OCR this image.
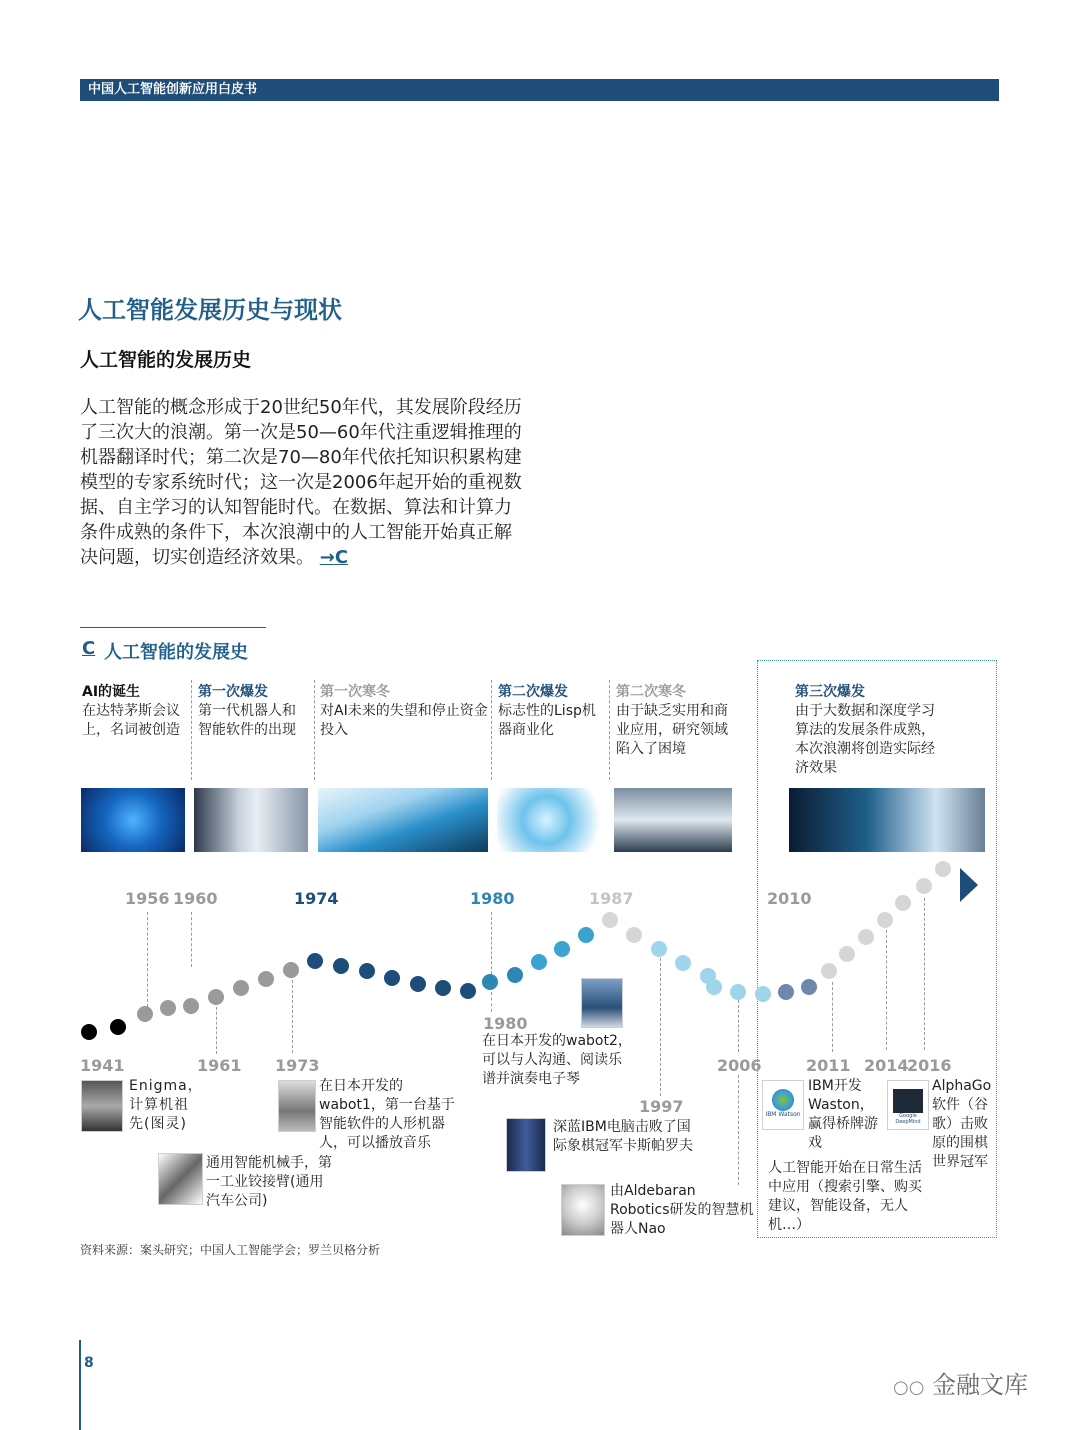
中国人工智能创新应用白皮书
人工智能发展历史与现状
人工智能的发展历史
人工智能的概念形成于20世纪50年代，其发展阶段经历了三次大的浪潮。第一次是50—60年代注重逻辑推理的机器翻译时代；第二次是70—80年代依托知识积累构建模型的专家系统时代；这一次是2006年起开始的重视数据、自主学习的认知智能时代。在数据、算法和计算力条件成熟的条件下，本次浪潮中的人工智能开始真正解决问题，切实创造经济效果。 →C
C 人工智能的发展史
AI的诞生
在达特茅斯会议上，名词被创造
第一次爆发
第一代机器人和智能软件的出现
第一次寒冬
对AI未来的失望和停止资金投入
第二次爆发
标志性的Lisp机器商业化
第二次寒冬
由于缺乏实用和商业应用，研究领域陷入了困境
第三次爆发
由于大数据和深度学习算法的发展条件成熟，本次浪潮将创造实际经济效果
1956 1960	1974	1980	1987	2010
1941	1961 1973
1980
1997
2006	2011 2014
2016
IBM Watson	Google DeepMind
Enigma，计算机祖先(图灵)
通用智能机械手，第一工业铰接臂(通用汽车公司)
在日本开发的wabot1，第一台基于智能软件的人形机器人，可以播放音乐
在日本开发的wabot2，可以与人沟通、阅读乐谱并演奏电子琴
深蓝IBM电脑击败了国际象棋冠军卡斯帕罗夫
由Aldebaran Robotics研发的智慧机器人Nao
IBM开发Waston，赢得桥牌游戏
AlphaGo软件（谷歌）击败原的围棋世界冠军
人工智能开始在日常生活中应用（搜索引擎、购买建议，智能设备，无人机…）
资料来源：案头研究；中国人工智能学会；罗兰贝格分析
8
○○ 金融文库
